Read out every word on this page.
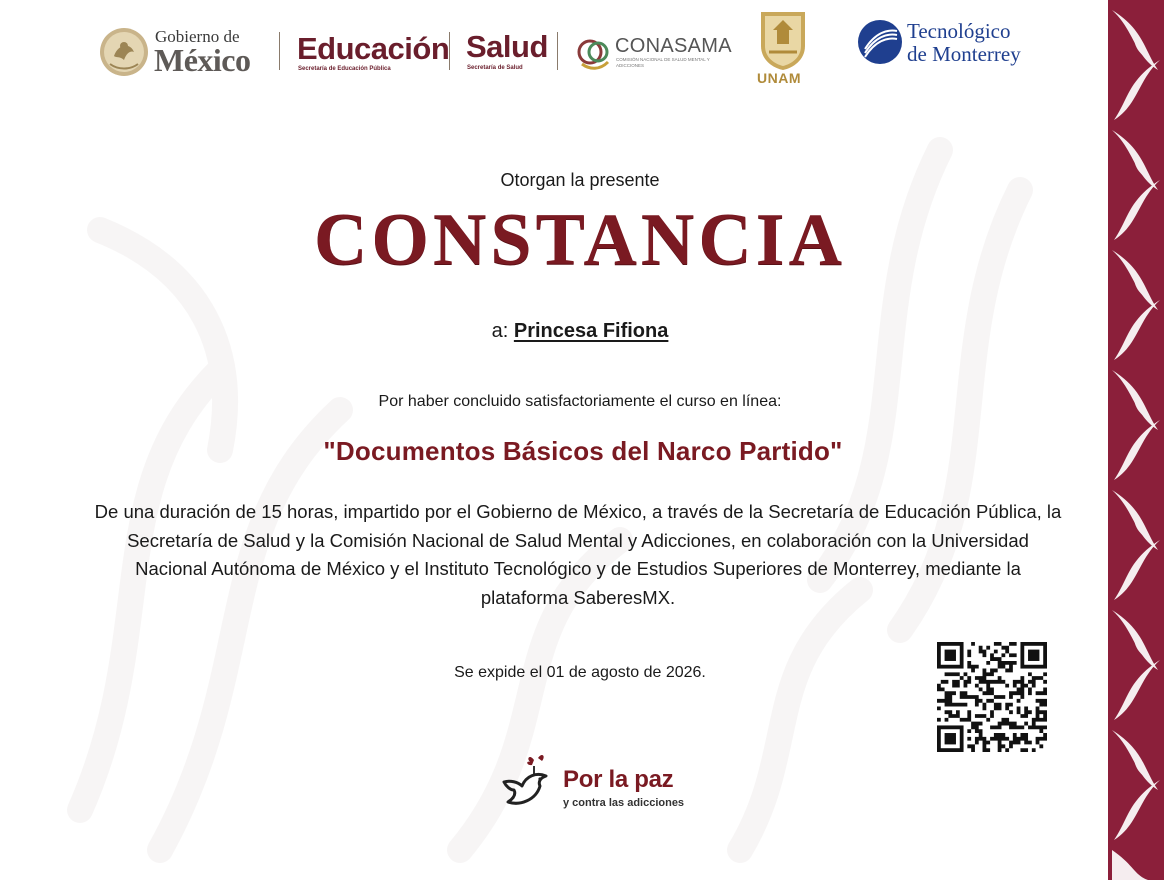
Gobierno de
México Educación
Secretaría de Educación Pública
Salud
Secretaría de Salud
CONASAMA
COMISIÓN NACIONAL DE SALUD MENTAL Y ADICCIONES
UNAM
Tecnológico
de Monterrey
Otorgan la presente
CONSTANCIA
a: Princesa Fifiona
Por haber concluido satisfactoriamente el curso en línea:
"Documentos Básicos del Narco Partido"
De una duración de 15 horas, impartido por el Gobierno de México, a través de la Secretaría de Educación Pública, la Secretaría de Salud y la Comisión Nacional de Salud Mental y Adicciones, en colaboración con la Universidad Nacional Autónoma de México y el Instituto Tecnológico y de Estudios Superiores de Monterrey, mediante la plataforma SaberesMX.
Se expide el 01 de agosto de 2026.
Por la paz
y contra las adicciones
